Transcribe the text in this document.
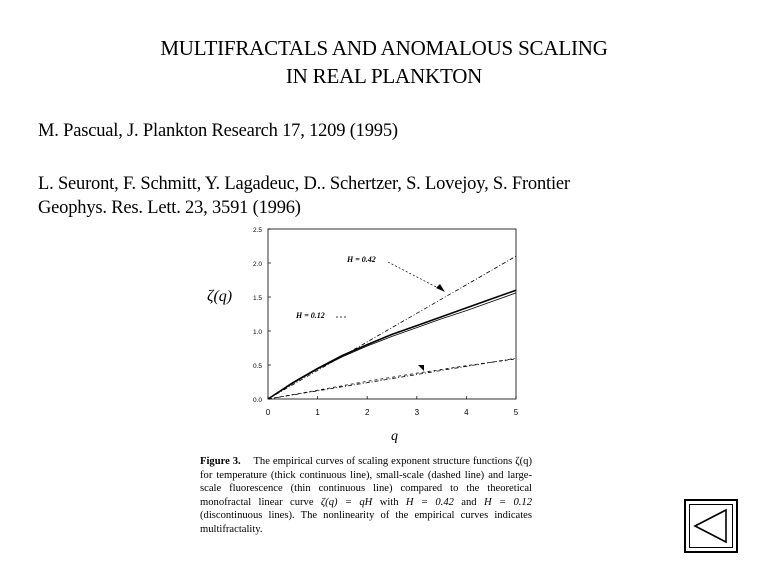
MULTIFRACTALS AND ANOMALOUS SCALING
IN REAL PLANKTON
M. Pascual, J. Plankton Research 17, 1209 (1995)
L. Seuront, F. Schmitt, Y. Lagadeuc, D.. Schertzer, S. Lovejoy, S. Frontier
Geophys. Res. Lett. 23, 3591 (1996)
0	1	2	3	4	5
0.0
0.5
1.0
1.5
2.0
2.5
H = 0.42
H = 0.12
ζ(q)
q
Figure 3. The empirical curves of scaling exponent structure functions ζ(q) for temperature (thick continuous line), small-scale (dashed line) and large-scale fluorescence (thin continuous line) compared to the theoretical monofractal linear curve ζ(q) = qH with H = 0.42 and H = 0.12 (discontinuous lines). The nonlinearity of the empirical curves indicates multifractality.
